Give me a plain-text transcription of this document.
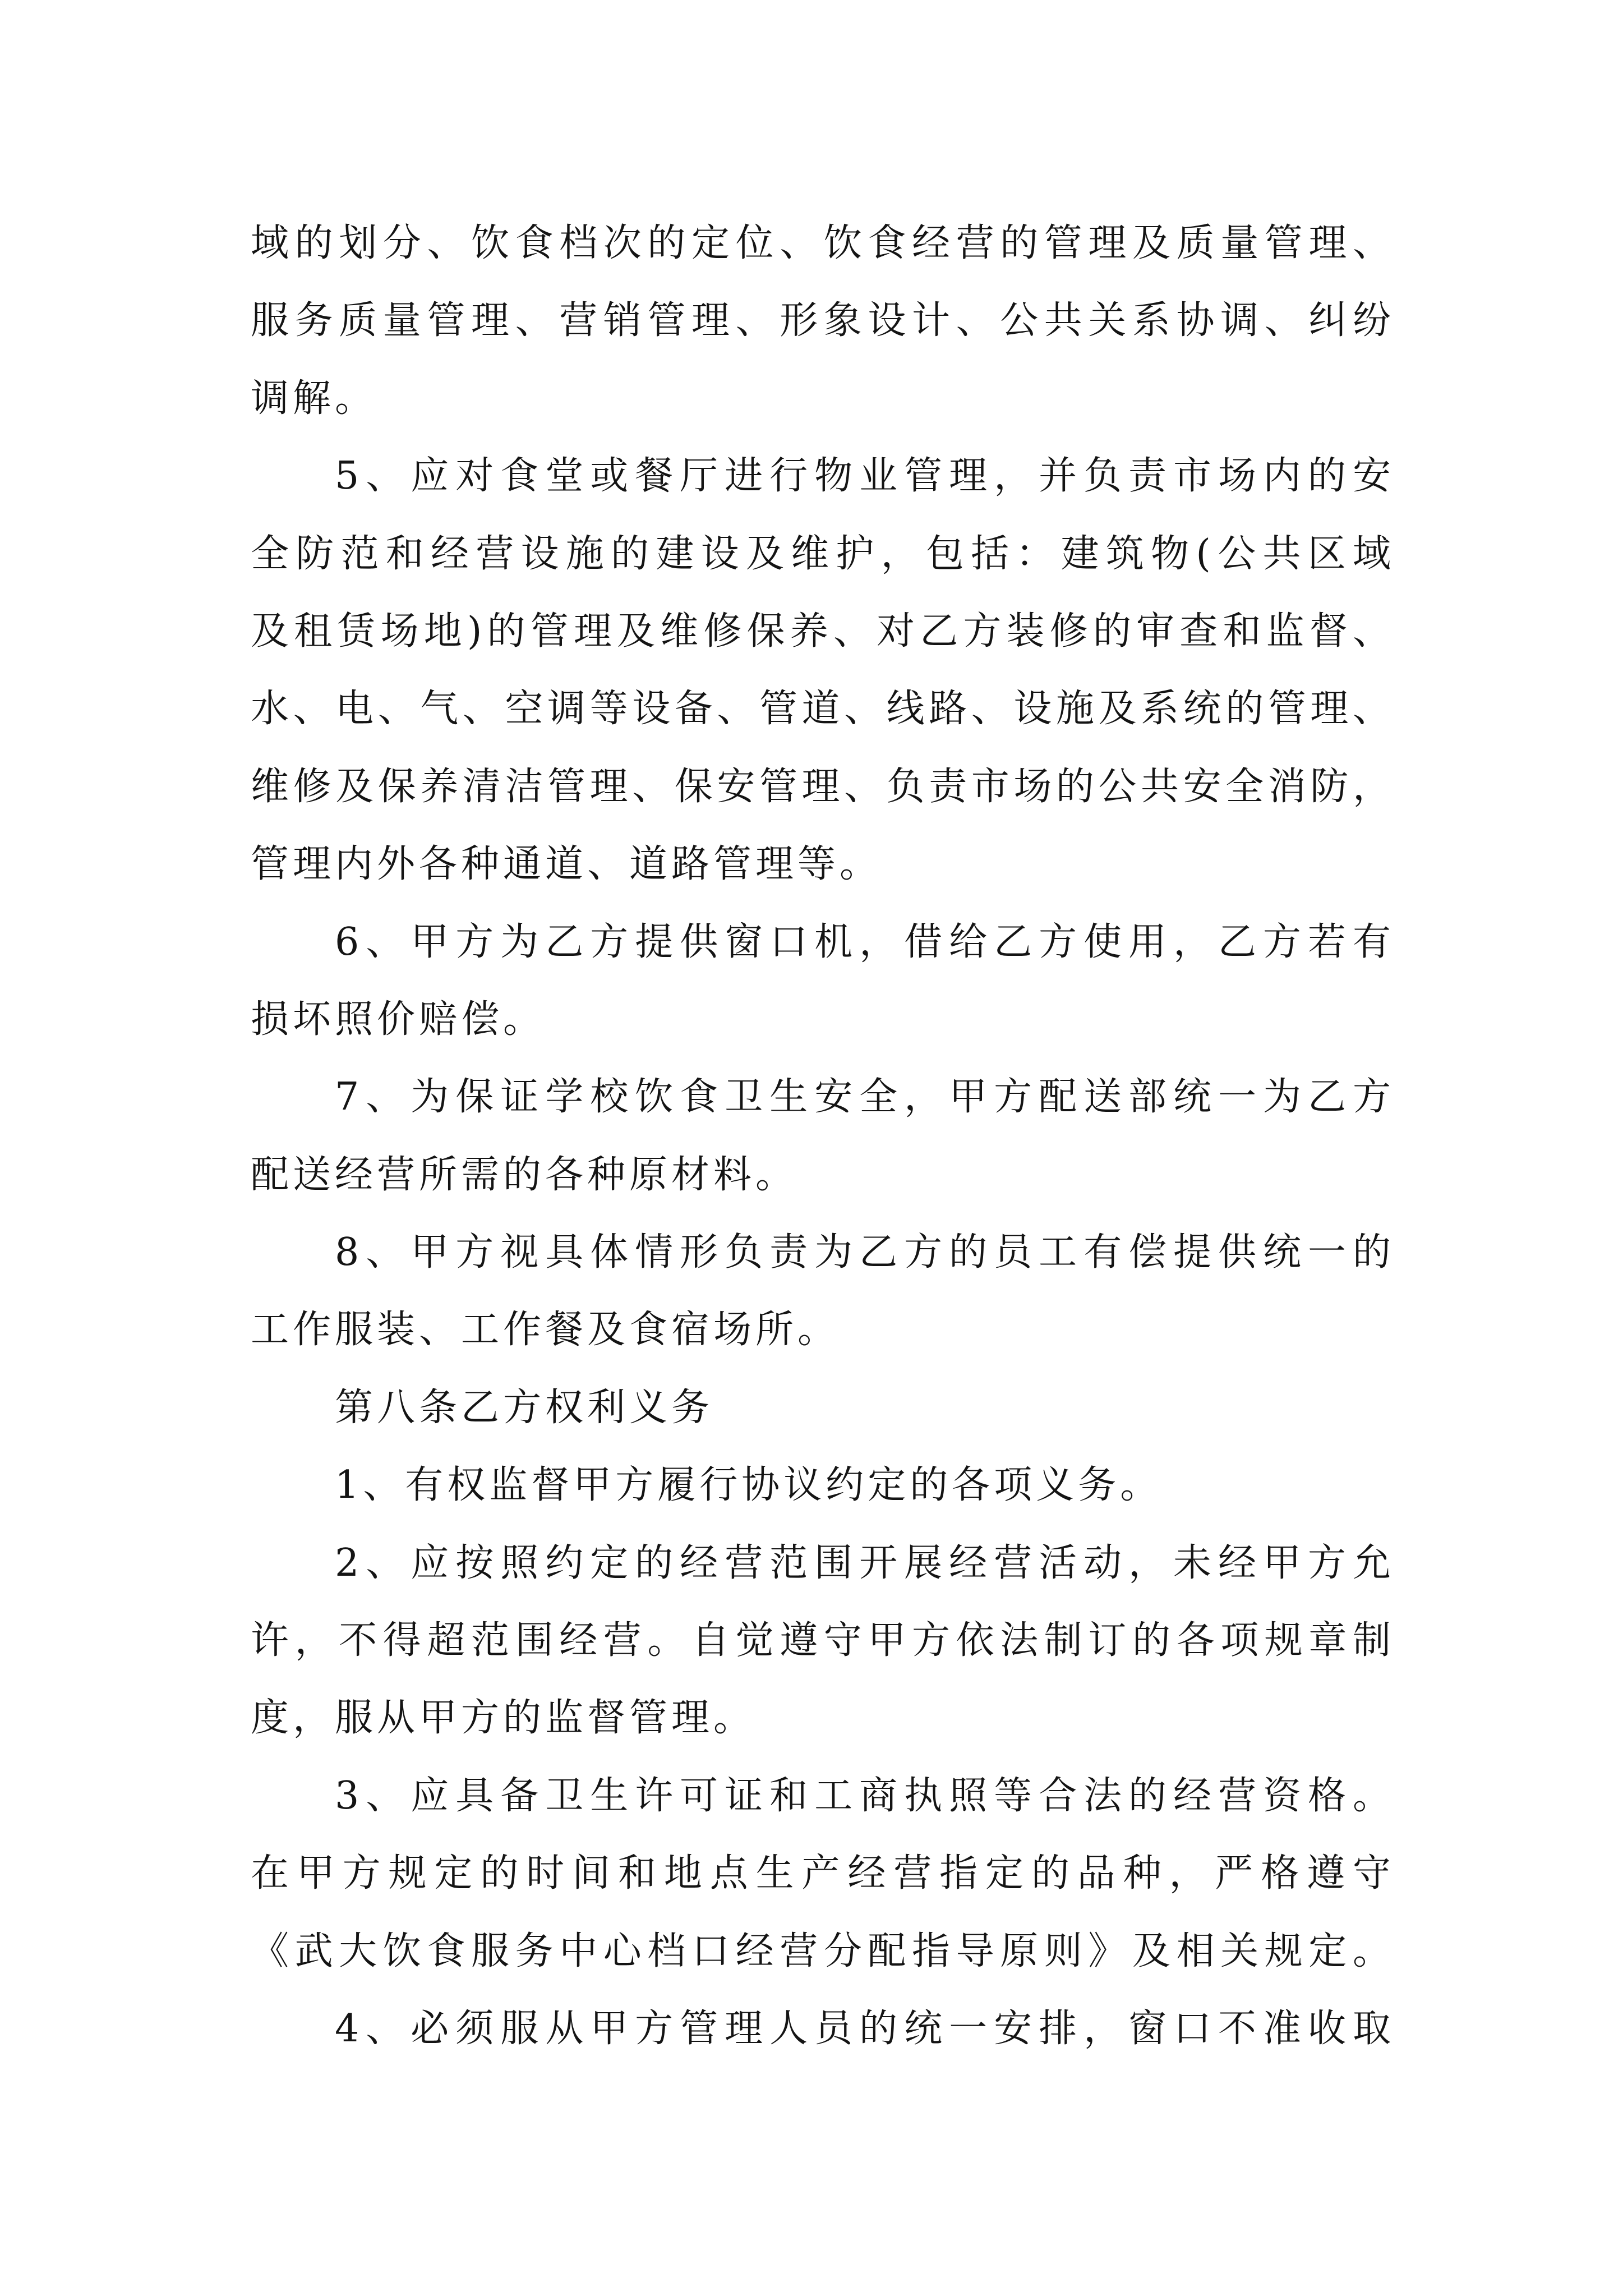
域的划分、饮食档次的定位、饮食经营的管理及质量管理、
服务质量管理、营销管理、形象设计、公共关系协调、纠纷
调解。
5、应对食堂或餐厅进行物业管理，并负责市场内的安
全防范和经营设施的建设及维护，包括：建筑物(公共区域
及租赁场地)的管理及维修保养、对乙方装修的审查和监督、
水、电、气、空调等设备、管道、线路、设施及系统的管理、
维修及保养清洁管理、保安管理、负责市场的公共安全消防，
管理内外各种通道、道路管理等。
6、甲方为乙方提供窗口机，借给乙方使用，乙方若有
损坏照价赔偿。
7、为保证学校饮食卫生安全，甲方配送部统一为乙方
配送经营所需的各种原材料。
8、甲方视具体情形负责为乙方的员工有偿提供统一的
工作服装、工作餐及食宿场所。
第八条乙方权利义务
1、有权监督甲方履行协议约定的各项义务。
2、应按照约定的经营范围开展经营活动，未经甲方允
许，不得超范围经营。自觉遵守甲方依法制订的各项规章制
度，服从甲方的监督管理。
3、应具备卫生许可证和工商执照等合法的经营资格。
在甲方规定的时间和地点生产经营指定的品种，严格遵守
《武大饮食服务中心档口经营分配指导原则》及相关规定。
4、必须服从甲方管理人员的统一安排，窗口不准收取
